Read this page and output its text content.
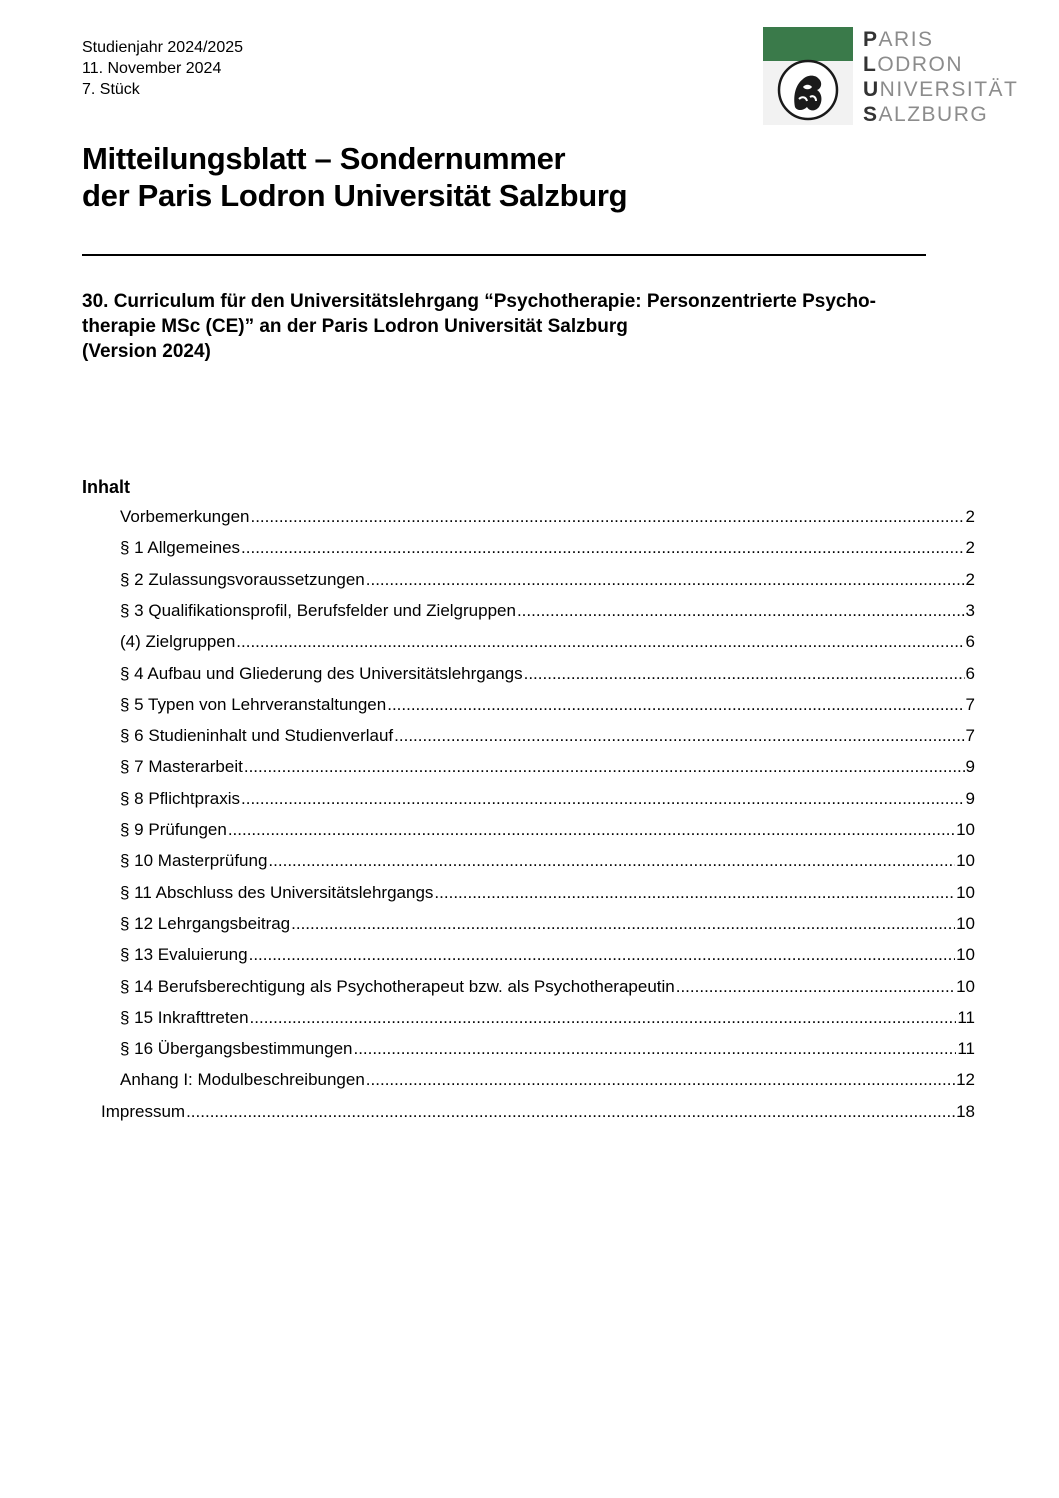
Studienjahr 2024/2025
11. November 2024
7. Stück
PARIS
LODRON
UNIVERSITÄT
SALZBURG
Mitteilungsblatt – Sondernummer
der Paris Lodron Universität Salzburg
30. Curriculum für den Universitätslehrgang “Psychotherapie: Personzentrierte Psycho-
therapie MSc (CE)” an der Paris Lodron Universität Salzburg
(Version 2024)
Inhalt
Vorbemerkungen .....	2
§ 1 Allgemeines .....	2
§ 2 Zulassungsvoraussetzungen .....	2
§ 3 Qualifikationsprofil, Berufsfelder und Zielgruppen .....	3
(4) Zielgruppen .....	6
§ 4 Aufbau und Gliederung des Universitätslehrgangs .....	6
§ 5 Typen von Lehrveranstaltungen .....	7
§ 6 Studieninhalt und Studienverlauf .....	7
§ 7 Masterarbeit .....	9
§ 8 Pflichtpraxis .....	9
§ 9 Prüfungen .....	10
§ 10 Masterprüfung .....	10
§ 11 Abschluss des Universitätslehrgangs .....	10
§ 12 Lehrgangsbeitrag .....	10
§ 13 Evaluierung .....	10
§ 14 Berufsberechtigung als Psychotherapeut bzw. als Psychotherapeutin .....	10
§ 15 Inkrafttreten .....	11
§ 16 Übergangsbestimmungen .....	11
Anhang I: Modulbeschreibungen .....	12
Impressum .....	18
